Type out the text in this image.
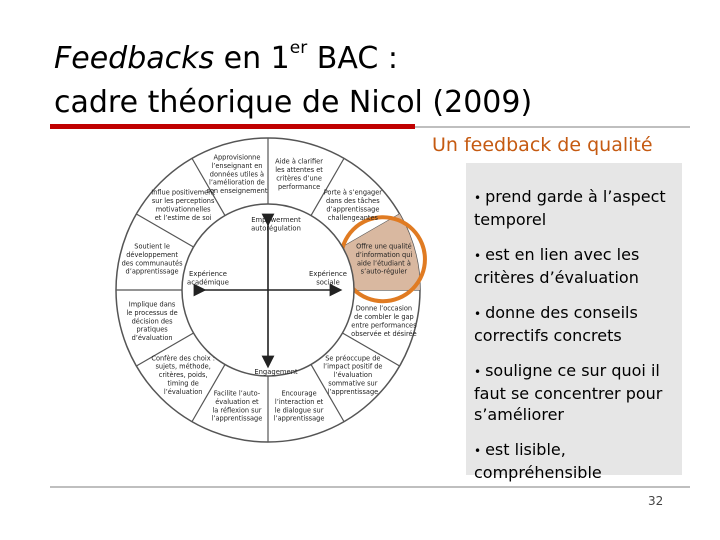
Feedbacks en 1er BAC :
cadre théorique de Nicol (2009)
Empowerment autorégulation
Engagement
Expérience académique
Expérience sociale
Aide à clarifier les attentes et critères d’une performance
Porte à s’engager dans des tâches d’apprentissage challengeantes
Offre une qualité d’information qui aide l’étudiant à s’auto-réguler
Donne l’occasion de combler le gap entre performances observée et désirée
Se préoccupe de l’impact positif de l’évaluation sommative sur l’apprentissage
Encourage l’interaction et le dialogue sur l’apprentissage
Facilite l’auto-évaluation et la réflexion sur l’apprentissage
Confère des choix : sujets, méthode, critères, poids, timing de l’évaluation
Implique dans le processus de décision des pratiques d’évaluation
Soutient le développement des communautés d’apprentissage
Influe positivement sur les perceptions motivationnelles et l’estime de soi
Approvisionne l’enseignant en données utiles à l’amélioration de son enseignement
Un feedback de qualité
• prend garde à l’aspect temporel
• est en lien avec les critères d’évaluation
• donne des conseils correctifs concrets
• souligne ce sur quoi il faut se concentrer pour s’améliorer
• est lisible, compréhensible
32
